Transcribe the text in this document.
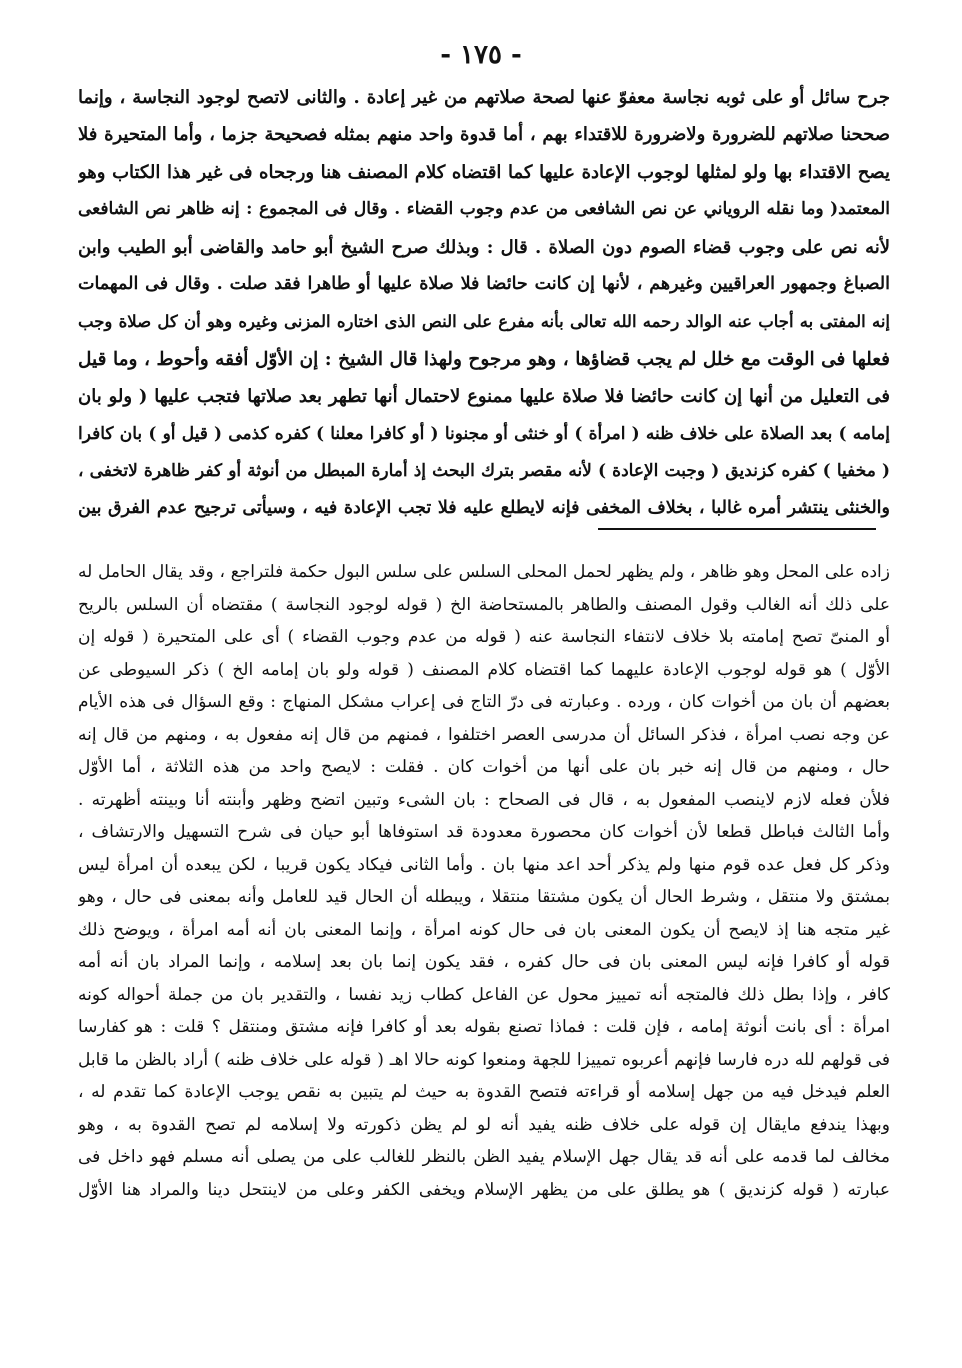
- ١٧٥ -
جرح سائل أو على ثوبه نجاسة معفوّ عنها لصحة صلاتهم من غير إعادة . والثانى لاتصح لوجود النجاسة ، وإنما
صححنا صلاتهم للضرورة ولاضرورة للاقتداء بهم ، أما قدوة واحد منهم بمثله فصحيحة جزما ، وأما المتحيرة فلا
يصح الاقتداء بها ولو لمثلها لوجوب الإعادة عليها كما اقتضاه كلام المصنف هنا ورجحاه فى غير هذا الكتاب وهو
المعتمد( وما نقله الروياني عن نص الشافعى من عدم وجوب القضاء . وقال فى المجموع : إنه ظاهر نص الشافعى
لأنه نص على وجوب قضاء الصوم دون الصلاة . قال : وبذلك صرح الشيخ أبو حامد والقاضى أبو الطيب وابن
الصباغ وجمهور العراقيين وغيرهم ، لأنها إن كانت حائضا فلا صلاة عليها أو طاهرا فقد صلت . وقال فى المهمات
إنه المفتى به أجاب عنه الوالد رحمه الله تعالى بأنه مفرع على النص الذى اختاره المزنى وغيره وهو أن كل صلاة وجب
فعلها فى الوقت مع خلل لم يجب قضاؤها ، وهو مرجوح ولهذا قال الشيخ : إن الأوّل أفقه وأحوط ، وما قيل
فى التعليل من أنها إن كانت حائضا فلا صلاة عليها ممنوع لاحتمال أنها تطهر بعد صلاتها فتجب عليها ( ولو بان
إمامه ) بعد الصلاة على خلاف ظنه ( امرأة ) أو خنثى أو مجنونا ( أو كافرا معلنا ) كفره كذمى ( قيل أو ) بان كافرا
( مخفيا ) كفره كزنديق ( وجبت الإعادة ) لأنه مقصر بترك البحث إذ أمارة المبطل من أنوثة أو كفر ظاهرة لاتخفى ،
والخنثى ينتشر أمره غالبا ، بخلاف المخفى فإنه لايطلع عليه فلا تجب الإعادة فيه ، وسيأتى ترجيح عدم الفرق بين
زاده على المحل وهو ظاهر ، ولم يظهر لحمل المحلى السلس على سلس البول حكمة فلتراجع ، وقد يقال الحامل له
على ذلك أنه الغالب وقول المصنف والطاهر بالمستحاضة الخ ( قوله لوجود النجاسة ) مقتضاه أن السلس بالريح
أو المنىّ تصح إمامته بلا خلاف لانتفاء النجاسة عنه ( قوله من عدم وجوب القضاء ) أى على المتحيرة ( قوله إن
الأوّل ) هو قوله لوجوب الإعادة عليهما كما اقتضاه كلام المصنف ( قوله ولو بان إمامه الخ ) ذكر السيوطى عن
بعضهم أن بان من أخوات كان ، ورده . وعبارته فى درّ التاج فى إعراب مشكل المنهاج : وقع السؤال فى هذه الأيام
عن وجه نصب امرأة ، فذكر السائل أن مدرسى العصر اختلفوا ، فمنهم من قال إنه مفعول به ، ومنهم من قال إنه
حال ، ومنهم من قال إنه خبر بان على أنها من أخوات كان . فقلت : لايصح واحد من هذه الثلاثة ، أما الأوّل
فلأن فعله لازم لاينصب المفعول به ، قال فى الصحاح : بان الشىء وتبين اتضح وظهر وأبنته أنا وبينته أظهرته .
وأما الثالث فباطل قطعا لأن أخوات كان محصورة معدودة قد استوفاها أبو حيان فى شرح التسهيل والارتشاف ،
وذكر كل فعل عده قوم منها ولم يذكر أحد اعد منها بان . وأما الثانى فيكاد يكون قريبا ، لكن يبعده أن امرأة ليس
بمشتق ولا منتقل ، وشرط الحال أن يكون مشتقا منتقلا ، ويبطله أن الحال قيد للعامل وأنه بمعنى فى حال ، وهو
غير متجه هنا إذ لايصح أن يكون المعنى بان فى حال كونه امرأة ، وإنما المعنى بان أنه أمه امرأة ، ويوضح ذلك
قوله أو كافرا فإنه ليس المعنى بان فى حال كفره ، فقد يكون إنما بان بعد إسلامه ، وإنما المراد بان أنه أمه
كافر ، وإذا بطل ذلك فالمتجه أنه تمييز محول عن الفاعل كطاب زيد نفسا ، والتقدير بان من جملة أحواله كونه
امرأة : أى بانت أنوثة إمامه ، فإن قلت : فماذا تصنع بقوله بعد أو كافرا فإنه مشتق ومنتقل ؟ قلت : هو كفارسا
فى قولهم لله دره فارسا فإنهم أعربوه تمييزا للجهة ومنعوا كونه حالا اهـ ( قوله على خلاف ظنه ) أراد بالظن ما قابل
العلم فيدخل فيه من جهل إسلامه أو قراءته فتصح القدوة به حيث لم يتبين به نقص يوجب الإعادة كما تقدم له ،
وبهذا يندفع مايقال إن قوله على خلاف ظنه يفيد أنه لو لم يظن ذكورته ولا إسلامه لم تصح القدوة به ، وهو
مخالف لما قدمه على أنه قد يقال جهل الإسلام يفيد الظن بالنظر للغالب على من يصلى أنه مسلم فهو داخل فى
عبارته ( قوله كزنديق ) هو يطلق على من يظهر الإسلام ويخفى الكفر وعلى من لاينتحل دينا والمراد هنا الأوّل
